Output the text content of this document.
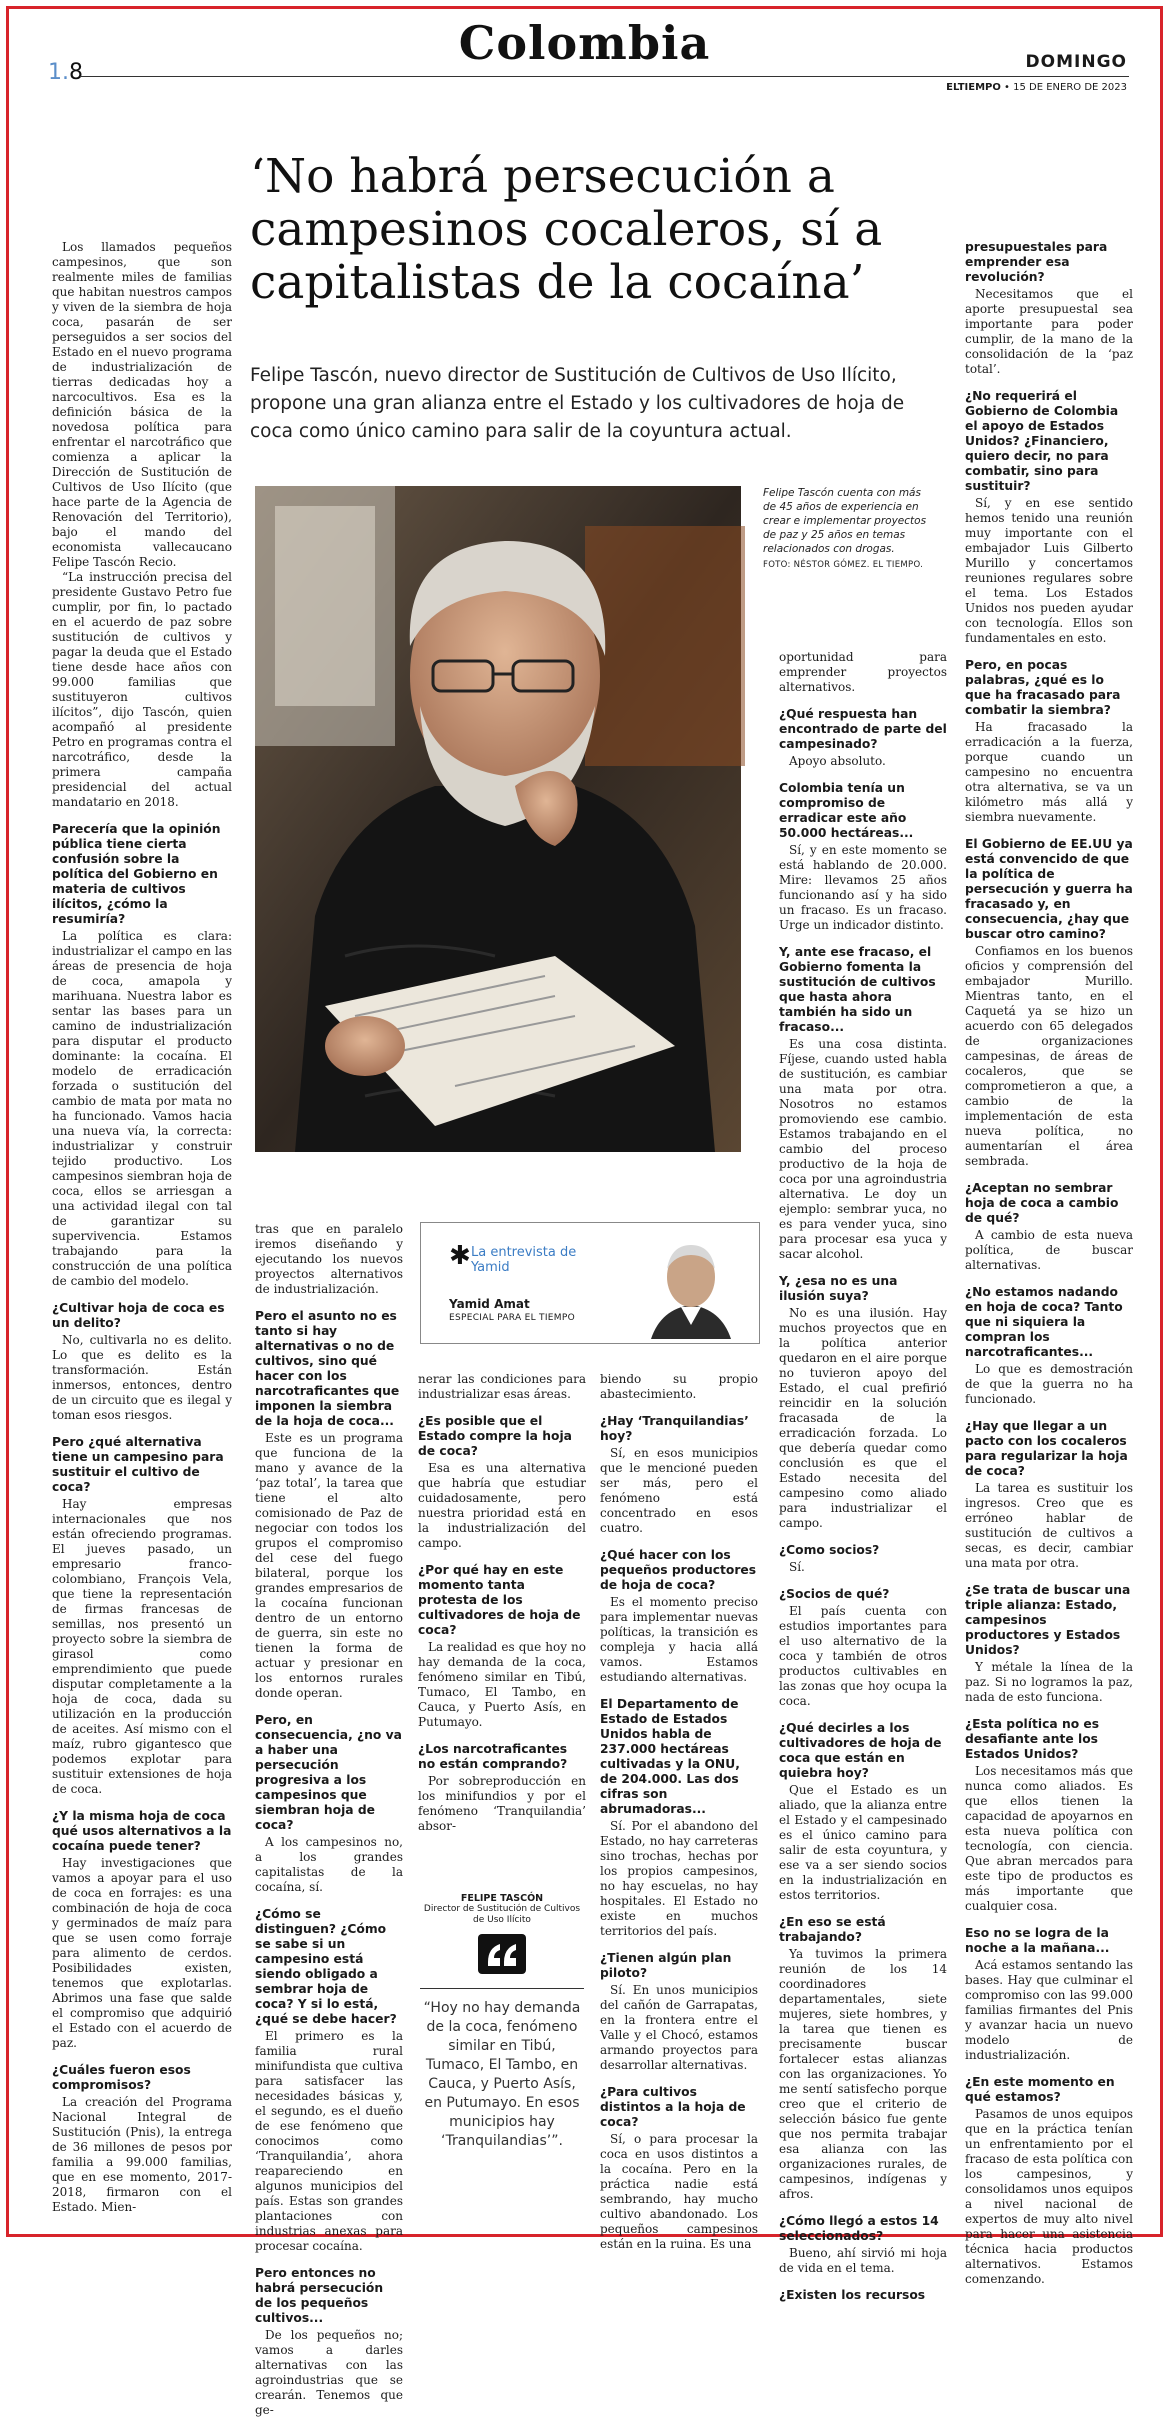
1.8
Colombia	DOMINGO
ELTIEMPO • 15 DE ENERO DE 2023
‘No habrá persecución a campesinos cocaleros, sí a capitalistas de la cocaína’
Felipe Tascón, nuevo director de Sustitución de Cultivos de Uso Ilícito, propone una gran alianza entre el Estado y los cultivadores de hoja de coca como único camino para salir de la coyuntura actual.
Felipe Tascón cuenta con más de 45 años de experiencia en crear e implementar proyectos de paz y 25 años en temas relacionados con drogas.
FOTO: NÉSTOR GÓMEZ. EL TIEMPO.

Los llamados pequeños campesinos, que son realmente miles de familias que habitan nuestros campos y viven de la siembra de hoja coca, pasarán de ser perseguidos a ser socios del Estado en el nuevo programa de industrialización de tierras dedicadas hoy a narcocultivos. Esa es la definición básica de la novedosa política para enfrentar el narcotráfico que comienza a aplicar la Dirección de Sustitución de Cultivos de Uso Ilícito (que hace parte de la Agencia de Renovación del Territorio), bajo el mando del economista vallecaucano Felipe Tascón Recio.

“La instrucción precisa del presidente Gustavo Petro fue cumplir, por fin, lo pactado en el acuerdo de paz sobre sustitución de cultivos y pagar la deuda que el Estado tiene desde hace años con 99.000 familias que sustituyeron cultivos ilícitos”, dijo Tascón, quien acompañó al presidente Petro en programas contra el narcotráfico, desde la primera campaña presidencial del actual mandatario en 2018.

Parecería que la opinión pública tiene cierta confusión sobre la política del Gobierno en materia de cultivos ilícitos, ¿cómo la resumiría?

La política es clara: industrializar el campo en las áreas de presencia de hoja de coca, amapola y marihuana. Nuestra labor es sentar las bases para un camino de industrialización para disputar el producto dominante: la cocaína. El modelo de erradicación forzada o sustitución del cambio de mata por mata no ha funcionado. Vamos hacia una nueva vía, la correcta: industrializar y construir tejido productivo. Los campesinos siembran hoja de coca, ellos se arriesgan a una actividad ilegal con tal de garantizar su supervivencia. Estamos trabajando para la construcción de una política de cambio del modelo.

¿Cultivar hoja de coca es un delito?

No, cultivarla no es delito. Lo que es delito es la transformación. Están inmersos, entonces, dentro de un circuito que es ilegal y toman esos riesgos.

Pero ¿qué alternativa tiene un campesino para sustituir el cultivo de coca?

Hay empresas internacionales que nos están ofreciendo programas. El jueves pasado, un empresario franco-colombiano, François Vela, que tiene la representación de firmas francesas de semillas, nos presentó un proyecto sobre la siembra de girasol como emprendimiento que puede disputar completamente a la hoja de coca, dada su utilización en la producción de aceites. Así mismo con el maíz, rubro gigantesco que podemos explotar para sustituir extensiones de hoja de coca.

¿Y la misma hoja de coca qué usos alternativos a la cocaína puede tener?

Hay investigaciones que vamos a apoyar para el uso de coca en forrajes: es una combinación de hoja de coca y germinados de maíz para que se usen como forraje para alimento de cerdos. Posibilidades existen, tenemos que explotarlas. Abrimos una fase que salde el compromiso que adquirió el Estado con el acuerdo de paz.

¿Cuáles fueron esos compromisos?

La creación del Programa Nacional Integral de Sustitución (Pnis), la entrega de 36 millones de pesos por familia a 99.000 familias, que en ese momento, 2017-2018, firmaron con el Estado. Mien-

tras que en paralelo iremos diseñando y ejecutando los nuevos proyectos alternativos de industrialización.

Pero el asunto no es tanto si hay alternativas o no de cultivos, sino qué hacer con los narcotraficantes que imponen la siembra de la hoja de coca...

Este es un programa que funciona de la mano y avance de la ‘paz total’, la tarea que tiene el alto comisionado de Paz de negociar con todos los grupos el compromiso del cese del fuego bilateral, porque los grandes empresarios de la cocaína funcionan dentro de un entorno de guerra, sin este no tienen la forma de actuar y presionar en los entornos rurales donde operan.

Pero, en consecuencia, ¿no va a haber una persecución progresiva a los campesinos que siembran hoja de coca?

A los campesinos no, a los grandes capitalistas de la cocaína, sí.

¿Cómo se distinguen? ¿Cómo se sabe si un campesino está siendo obligado a sembrar hoja de coca? Y si lo está, ¿qué se debe hacer?

El primero es la familia rural minifundista que cultiva para satisfacer las necesidades básicas y, el segundo, es el dueño de ese fenómeno que conocimos como ‘Tranquilandia’, ahora reapareciendo en algunos municipios del país. Estas son grandes plantaciones con industrias anexas para procesar cocaína.

Pero entonces no habrá persecución de los pequeños cultivos...

De los pequeños no; vamos a darles alternativas con las agroindustrias que se crearán. Tenemos que ge-

nerar las condiciones para industrializar esas áreas.

¿Es posible que el Estado compre la hoja de coca?

Esa es una alternativa que habría que estudiar cuidadosamente, pero nuestra prioridad está en la industrialización del campo.

¿Por qué hay en este momento tanta protesta de los cultivadores de hoja de coca?

La realidad es que hoy no hay demanda de la coca, fenómeno similar en Tibú, Tumaco, El Tambo, en Cauca, y Puerto Asís, en Putumayo.

¿Los narcotraficantes no están comprando?

Por sobreproducción en los minifundios y por el fenómeno ‘Tranquilandia’ absor-

biendo su propio abastecimiento.

¿Hay ‘Tranquilandias’ hoy?

Sí, en esos municipios que le mencioné pueden ser más, pero el fenómeno está concentrado en esos cuatro.

¿Qué hacer con los pequeños productores de hoja de coca?

Es el momento preciso para implementar nuevas políticas, la transición es compleja y hacia allá vamos. Estamos estudiando alternativas.

El Departamento de Estado de Estados Unidos habla de 237.000 hectáreas cultivadas y la ONU, de 204.000. Las dos cifras son abrumadoras...

Sí. Por el abandono del Estado, no hay carreteras sino trochas, hechas por los propios campesinos, no hay escuelas, no hay hospitales. El Estado no existe en muchos territorios del país.

¿Tienen algún plan piloto?

Sí. En unos municipios del cañón de Garrapatas, en la frontera entre el Valle y el Chocó, estamos armando proyectos para desarrollar alternativas.

¿Para cultivos distintos a la hoja de coca?

Sí, o para procesar la coca en usos distintos a la cocaína. Pero en la práctica nadie está sembrando, hay mucho cultivo abandonado. Los pequeños campesinos están en la ruina. Es una

oportunidad para emprender proyectos alternativos.

¿Qué respuesta han encontrado de parte del campesinado?

Apoyo absoluto.

Colombia tenía un compromiso de erradicar este año 50.000 hectáreas...

Sí, y en este momento se está hablando de 20.000. Mire: llevamos 25 años funcionando así y ha sido un fracaso. Es un fracaso. Urge un indicador distinto.

Y, ante ese fracaso, el Gobierno fomenta la sustitución de cultivos que hasta ahora también ha sido un fracaso...

Es una cosa distinta. Fíjese, cuando usted habla de sustitución, es cambiar una mata por otra. Nosotros no estamos promoviendo ese cambio. Estamos trabajando en el cambio del proceso productivo de la hoja de coca por una agroindustria alternativa. Le doy un ejemplo: sembrar yuca, no es para vender yuca, sino para procesar esa yuca y sacar alcohol.

Y, ¿esa no es una ilusión suya?

No es una ilusión. Hay muchos proyectos que en la política anterior quedaron en el aire porque no tuvieron apoyo del Estado, el cual prefirió reincidir en la solución fracasada de la erradicación forzada. Lo que debería quedar como conclusión es que el Estado necesita del campesino como aliado para industrializar el campo.

¿Como socios?

Sí.

¿Socios de qué?

El país cuenta con estudios importantes para el uso alternativo de la coca y también de otros productos cultivables en las zonas que hoy ocupa la coca.

¿Qué decirles a los cultivadores de hoja de coca que están en quiebra hoy?

Que el Estado es un aliado, que la alianza entre el Estado y el campesinado es el único camino para salir de esta coyuntura, y ese va a ser siendo socios en la industrialización en estos territorios.

¿En eso se está trabajando?

Ya tuvimos la primera reunión de los 14 coordinadores departamentales, siete mujeres, siete hombres, y la tarea que tienen es precisamente buscar fortalecer estas alianzas con las organizaciones. Yo me sentí satisfecho porque creo que el criterio de selección básico fue gente que nos permita trabajar esa alianza con las organizaciones rurales, de campesinos, indígenas y afros.

¿Cómo llegó a estos 14 seleccionados?

Bueno, ahí sirvió mi hoja de vida en el tema.

¿Existen los recursos

presupuestales para emprender esa revolución?

Necesitamos que el aporte presupuestal sea importante para poder cumplir, de la mano de la consolidación de la ‘paz total’.

¿No requerirá el Gobierno de Colombia el apoyo de Estados Unidos? ¿Financiero, quiero decir, no para combatir, sino para sustituir?

Sí, y en ese sentido hemos tenido una reunión muy importante con el embajador Luis Gilberto Murillo y concertamos reuniones regulares sobre el tema. Los Estados Unidos nos pueden ayudar con tecnología. Ellos son fundamentales en esto.

Pero, en pocas palabras, ¿qué es lo que ha fracasado para combatir la siembra?

Ha fracasado la erradicación a la fuerza, porque cuando un campesino no encuentra otra alternativa, se va un kilómetro más allá y siembra nuevamente.

El Gobierno de EE.UU ya está convencido de que la política de persecución y guerra ha fracasado y, en consecuencia, ¿hay que buscar otro camino?

Confiamos en los buenos oficios y comprensión del embajador Murillo. Mientras tanto, en el Caquetá ya se hizo un acuerdo con 65 delegados de organizaciones campesinas, de áreas de cocaleros, que se comprometieron a que, a cambio de la implementación de esta nueva política, no aumentarían el área sembrada.

¿Aceptan no sembrar hoja de coca a cambio de qué?

A cambio de esta nueva política, de buscar alternativas.

¿No estamos nadando en hoja de coca? Tanto que ni siquiera la compran los narcotraficantes...

Lo que es demostración de que la guerra no ha funcionado.

¿Hay que llegar a un pacto con los cocaleros para regularizar la hoja de coca?

La tarea es sustituir los ingresos. Creo que es erróneo hablar de sustitución de cultivos a secas, es decir, cambiar una mata por otra.

¿Se trata de buscar una triple alianza: Estado, campesinos productores y Estados Unidos?

Y métale la línea de la paz. Si no logramos la paz, nada de esto funciona.

¿Esta política no es desafiante ante los Estados Unidos?

Los necesitamos más que nunca como aliados. Es que ellos tienen la capacidad de apoyarnos en esta nueva política con tecnología, con ciencia. Que abran mercados para este tipo de productos es más importante que cualquier cosa.

Eso no se logra de la noche a la mañana...

Acá estamos sentando las bases. Hay que culminar el compromiso con las 99.000 familias firmantes del Pnis y avanzar hacia un nuevo modelo de industrialización.

¿En este momento en qué estamos?

Pasamos de unos equipos que en la práctica tenían un enfrentamiento por el fracaso de esta política con los campesinos, y consolidamos unos equipos a nivel nacional de expertos de muy alto nivel para hacer una asistencia técnica hacia productos alternativos. Estamos comenzando.

✱ La entrevista de Yamid
Yamid Amat
ESPECIAL PARA EL TIEMPO
FELIPE TASCÓN
Director de Sustitución de Cultivos de Uso Ilícito
“Hoy no hay demanda de la coca, fenómeno similar en Tibú, Tumaco, El Tambo, en Cauca, y Puerto Asís, en Putumayo. En esos municipios hay ‘Tranquilandias’”.
